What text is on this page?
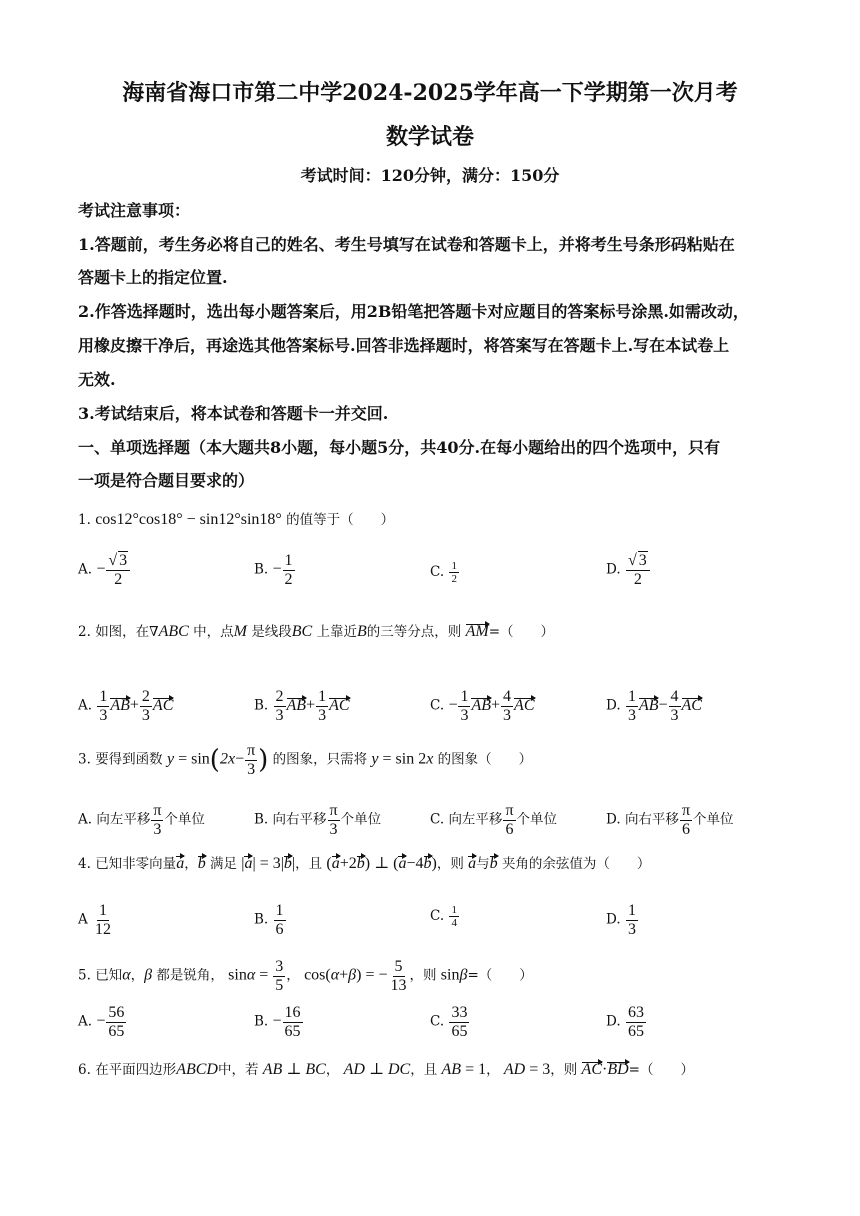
海南省海口市第二中学2024-2025学年高一下学期第一次月考
数学试卷
考试时间：120分钟，满分：150分
考试注意事项：
1.答题前，考生务必将自己的姓名、考生号填写在试卷和答题卡上，并将考生号条形码粘贴在
答题卡上的指定位置.
2.作答选择题时，选出每小题答案后，用2B铅笔把答题卡对应题目的答案标号涂黑.如需改动，
用橡皮擦干净后，再途选其他答案标号.回答非选择题时，将答案写在答题卡上.写在本试卷上
无效.
3.考试结束后，将本试卷和答题卡一并交回.
一、单项选择题（本大题共8小题，每小题5分，共40分.在每小题给出的四个选项中，只有
一项是符合题目要求的）
1. cos12°cos18° − sin12°sin18° 的值等于（　　）
A. − $\frac{√ 3}{2}$	B. − $\frac{1}{2}$	C. $\frac{1}{2}$	D. $\frac{√ 3}{2}$
2. 如图，在∇ABC 中，点M 是线段BC 上靠近B的三等分点，则 AM=（　　）
A. $\frac{1}{3} AB+ \frac{2}{3}$ AC	B. $\frac{2}{3} AB+ \frac{1}{3}$ AC	C. − $\frac{1}{3} AB+ \frac{4}{3}$ AC	D. $\frac{1}{3} AB- \frac{4}{3}$ AC
3. 要得到函数 $y = \sin(2x- \frac{\pi}{3}$ ) 的图象，只需将 y = sin 2x 的图象（　　）
A. 向左平移 $\frac{\pi}{3}$ 个单位	B. 向右平移 $\frac{\pi}{3}$ 个单位	C. 向左平移 $\frac{\pi}{6}$ 个单位	D. 向右平移 $\frac{\pi}{6}$ 个单位
4. 已知非零向量a，b 满足 |a| = 3|b|，且 (a+2b) ⊥ (a−4b)，则 a与b 夹角的余弦值为（　　）
A $\frac{1}{12}$	B. $\frac{1}{6}$	C. $\frac{1}{4}$	D. $\frac{1}{3}$
5. 已知α，β 都是锐角， $\sin\alpha = \frac{3}{5}$ ， cos(α+β) = − $\frac{5}{13}$ ，则 sinβ=（　　）
A. − $\frac{56}{65}$	B. − $\frac{16}{65}$	C. $\frac{33}{65}$	D. $\frac{63}{65}$
6. 在平面四边形ABCD中，若 AB ⊥ BC， AD ⊥ DC，且 AB = 1， AD = 3，则 AC·BD=（　　）
